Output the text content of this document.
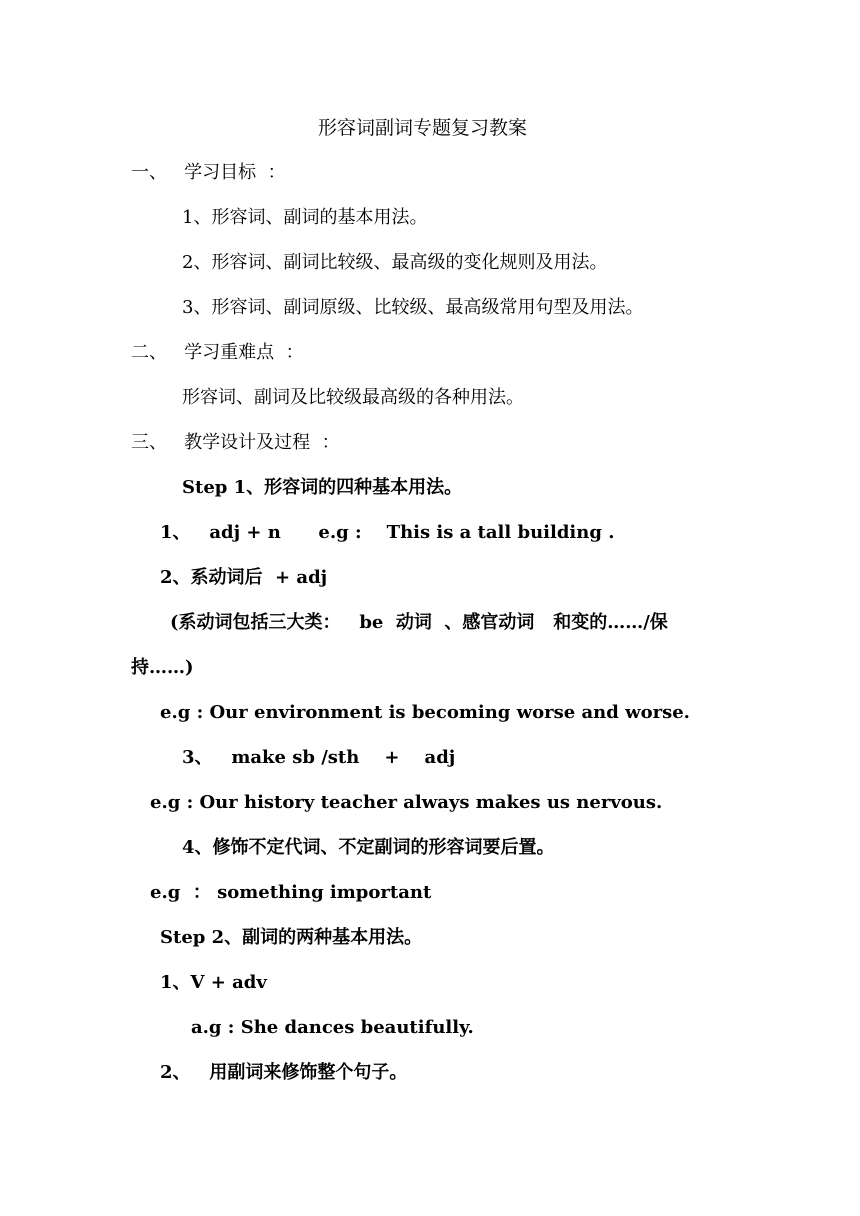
形容词副词专题复习教案
一、   学习目标  ：
1、形容词、副词的基本用法。
2、形容词、副词比较级、最高级的变化规则及用法。
3、形容词、副词原级、比较级、最高级常用句型及用法。
二、   学习重难点  ：
形容词、副词及比较级最高级的各种用法。
三、   教学设计及过程  ：
Step 1、形容词的四种基本用法。
1、   adj + n      e.g :    This is a tall building .
2、系动词后  + adj
(系动词包括三大类：   be  动词  、感官动词   和变的……/保
持……)
e.g : Our environment is becoming worse and worse.
3、   make sb /sth    +    adj
e.g : Our history teacher always makes us nervous.
4、修饰不定代词、不定副词的形容词要后置。
e.g  ： something important
Step 2、副词的两种基本用法。
1、V + adv
a.g : She dances beautifully.
2、   用副词来修饰整个句子。
